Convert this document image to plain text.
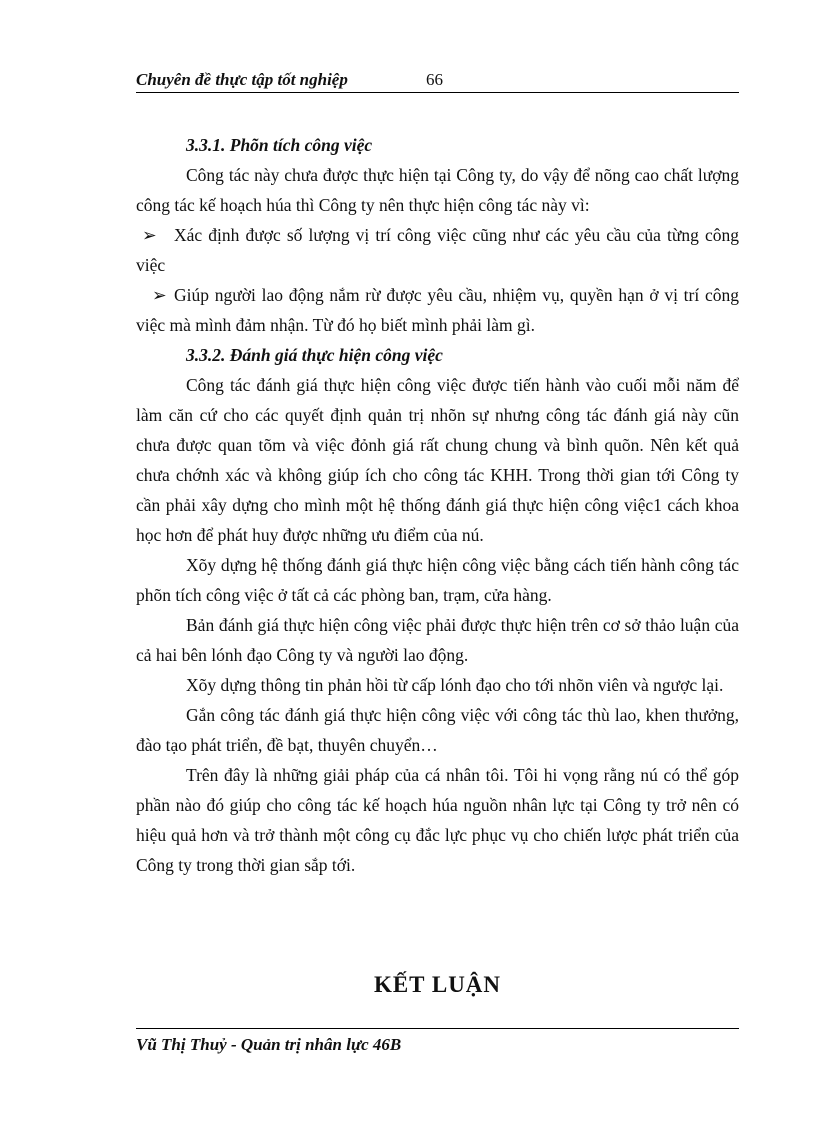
Chuyên đề thực tập tốt nghiệp	66

3.3.1. Phõn tích công việc

Công tác này chưa được thực hiện tại Công ty, do vậy để nõng cao chất lượng công tác kế hoạch húa thì Công ty nên thực hiện công tác này vì:

➢ Xác định được số lượng vị trí công việc cũng như các yêu cầu của từng công việc

➢ Giúp người lao động nắm rừ được yêu cầu, nhiệm vụ, quyền hạn ở vị trí công việc mà mình đảm nhận. Từ đó họ biết mình phải làm gì.

3.3.2. Đánh giá thực hiện công việc

Công tác đánh giá thực hiện công việc được tiến hành vào cuối mỗi năm để làm căn cứ cho các quyết định quản trị nhõn sự nhưng công tác đánh giá này cũn chưa được quan tõm và việc đỏnh giá rất chung chung và bình quõn. Nên kết quả chưa chớnh xác và không giúp ích cho công tác KHH. Trong thời gian tới Công ty cần phải xây dựng cho mình một hệ thống đánh giá thực hiện công việc1 cách khoa học hơn để phát huy được những ưu điểm của nú.

Xõy dựng hệ thống đánh giá thực hiện công việc bằng cách tiến hành công tác phõn tích công việc ở tất cả các phòng ban, trạm, cửa hàng.

Bản đánh giá thực hiện công việc phải được thực hiện trên cơ sở thảo luận của cả hai bên lónh đạo Công ty và người lao động.

Xõy dựng thông tin phản hồi từ cấp lónh đạo cho tới nhõn viên và ngược lại.

Gắn công tác đánh giá thực hiện công việc với công tác thù lao, khen thưởng, đào tạo phát triển, đề bạt, thuyên chuyển…

Trên đây là những giải pháp của cá nhân tôi. Tôi hi vọng rằng nú có thể góp phần nào đó giúp cho công tác kế hoạch húa nguồn nhân lực tại Công ty trở nên có hiệu quả hơn và trở thành một công cụ đắc lực phục vụ cho chiến lược phát triển của Công ty trong thời gian sắp tới.

KẾT LUẬN
Vũ Thị Thuỷ - Quản trị nhân lực 46B
